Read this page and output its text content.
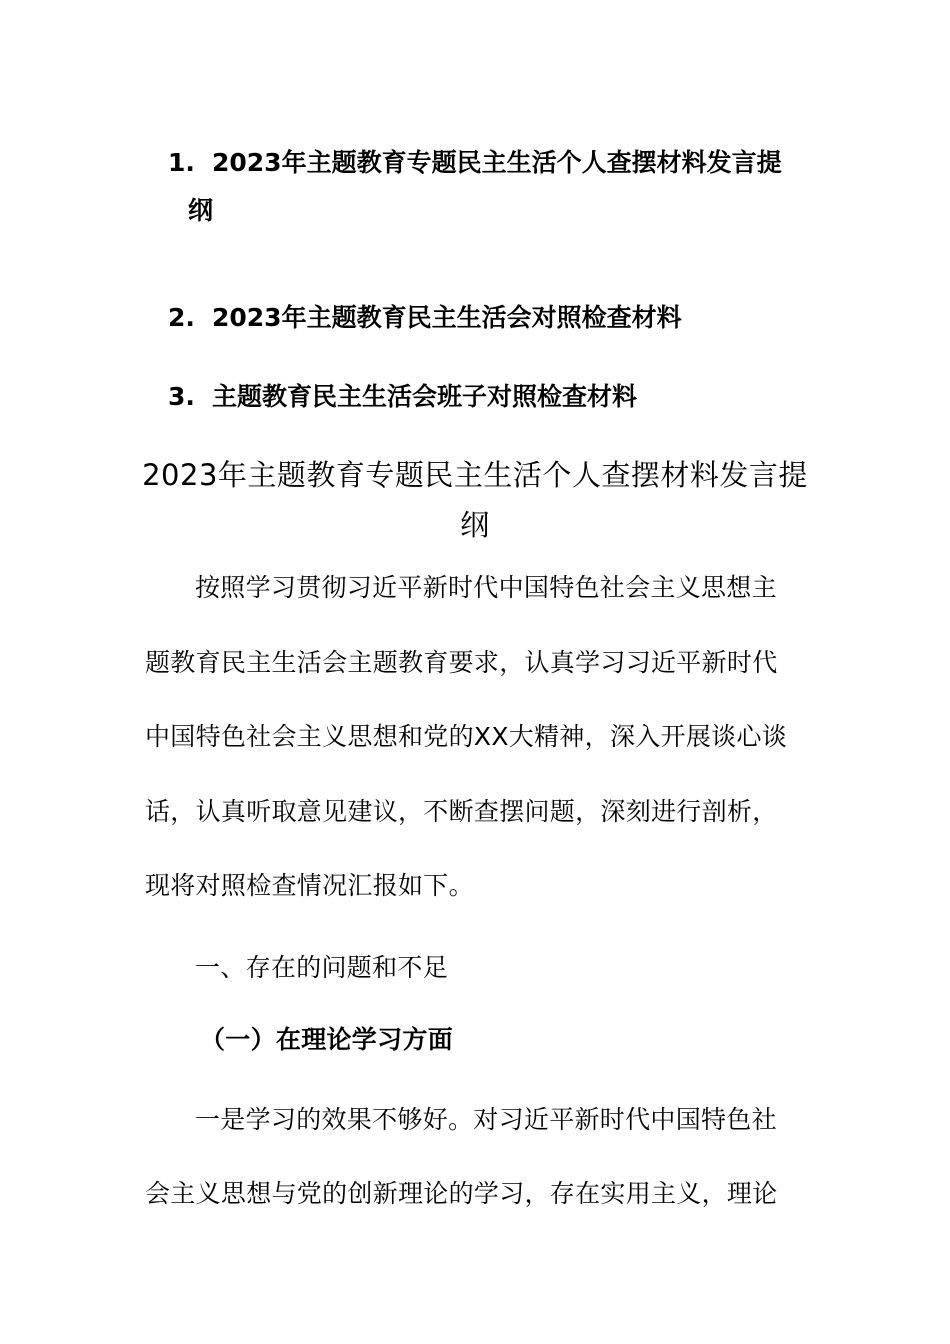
1. 2023年主题教育专题民主生活个人查摆材料发言提
纲
2. 2023年主题教育民主生活会对照检查材料
3. 主题教育民主生活会班子对照检查材料
2023年主题教育专题民主生活个人查摆材料发言提
纲
按照学习贯彻习近平新时代中国特色社会主义思想主
题教育民主生活会主题教育要求，认真学习习近平新时代
中国特色社会主义思想和党的XX大精神，深入开展谈心谈
话，认真听取意见建议，不断查摆问题，深刻进行剖析，
现将对照检查情况汇报如下。
一、存在的问题和不足
（一）在理论学习方面
一是学习的效果不够好。对习近平新时代中国特色社
会主义思想与党的创新理论的学习，存在实用主义，理论
